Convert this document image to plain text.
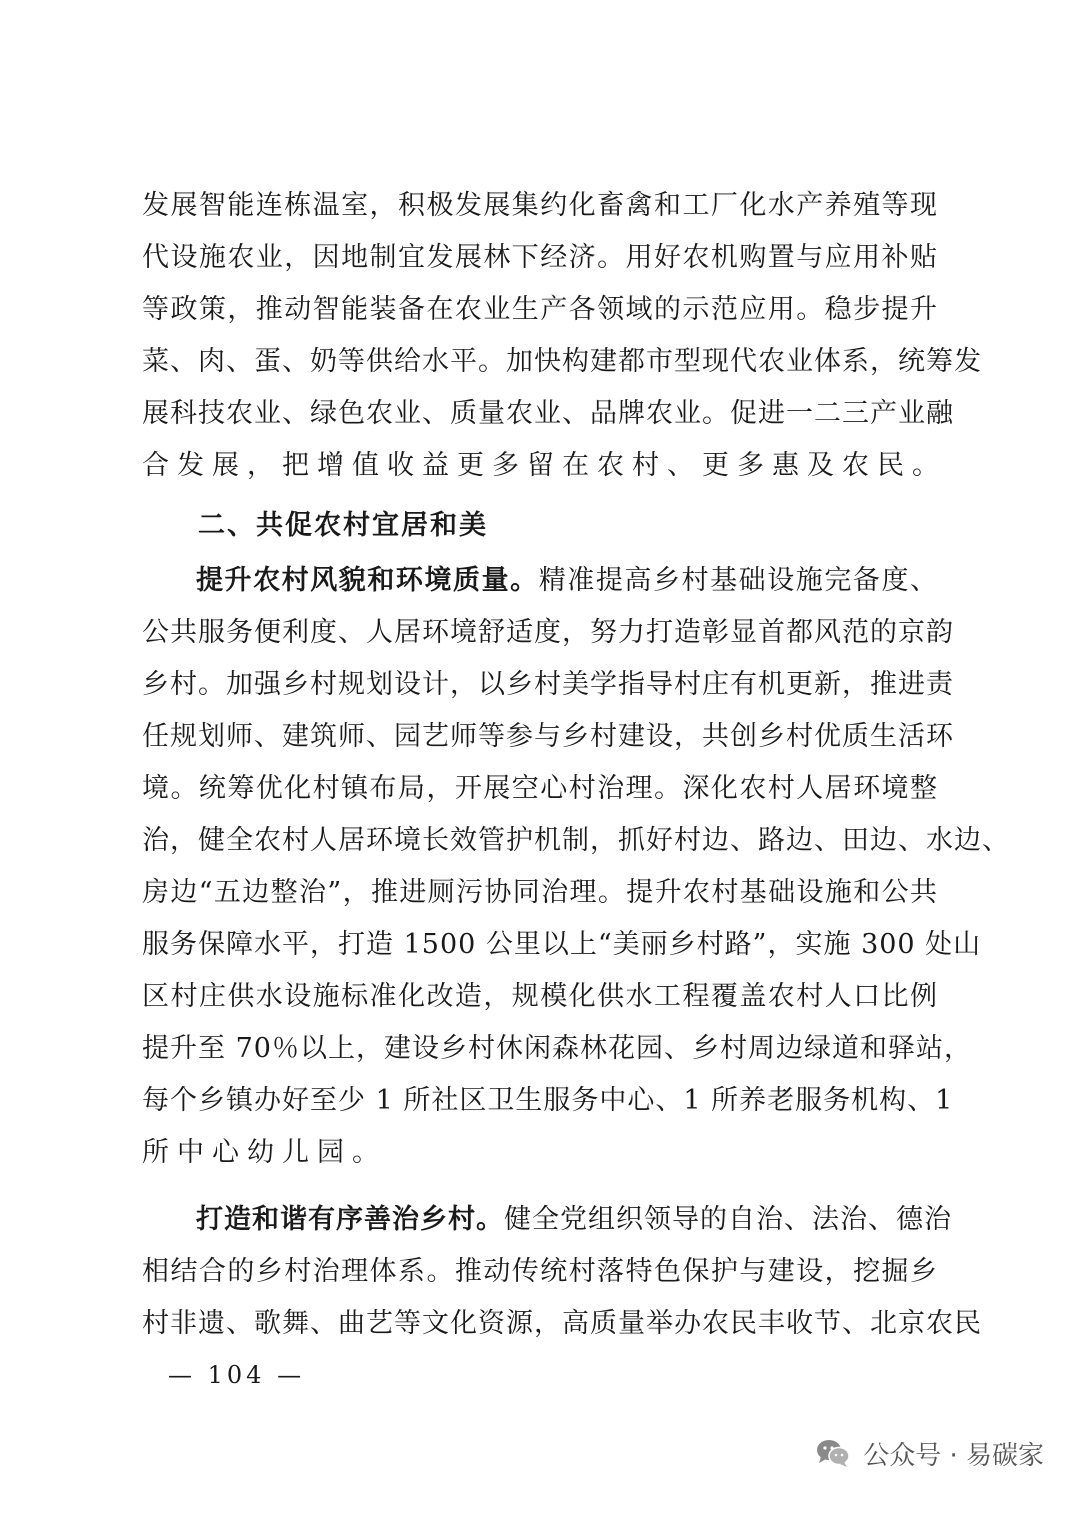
发展智能连栋温室，积极发展集约化畜禽和工厂化水产养殖等现
代设施农业，因地制宜发展林下经济。用好农机购置与应用补贴
等政策，推动智能装备在农业生产各领域的示范应用。稳步提升
菜、肉、蛋、奶等供给水平。加快构建都市型现代农业体系，统筹发
展科技农业、绿色农业、质量农业、品牌农业。促进一二三产业融
合发展，把增值收益更多留在农村、更多惠及农民。
二、共促农村宜居和美
提升农村风貌和环境质量。精准提高乡村基础设施完备度、
公共服务便利度、人居环境舒适度，努力打造彰显首都风范的京韵
乡村。加强乡村规划设计，以乡村美学指导村庄有机更新，推进责
任规划师、建筑师、园艺师等参与乡村建设，共创乡村优质生活环
境。统筹优化村镇布局，开展空心村治理。深化农村人居环境整
治，健全农村人居环境长效管护机制，抓好村边、路边、田边、水边、
房边“五边整治”，推进厕污协同治理。提升农村基础设施和公共
服务保障水平，打造 1500 公里以上“美丽乡村路”，实施 300 处山
区村庄供水设施标准化改造，规模化供水工程覆盖农村人口比例
提升至 70％以上，建设乡村休闲森林花园、乡村周边绿道和驿站，
每个乡镇办好至少 1 所社区卫生服务中心、1 所养老服务机构、1
所中心幼儿园。
打造和谐有序善治乡村。健全党组织领导的自治、法治、德治
相结合的乡村治理体系。推动传统村落特色保护与建设，挖掘乡
村非遗、歌舞、曲艺等文化资源，高质量举办农民丰收节、北京农民
— 104 —
公众号 · 易碳家
